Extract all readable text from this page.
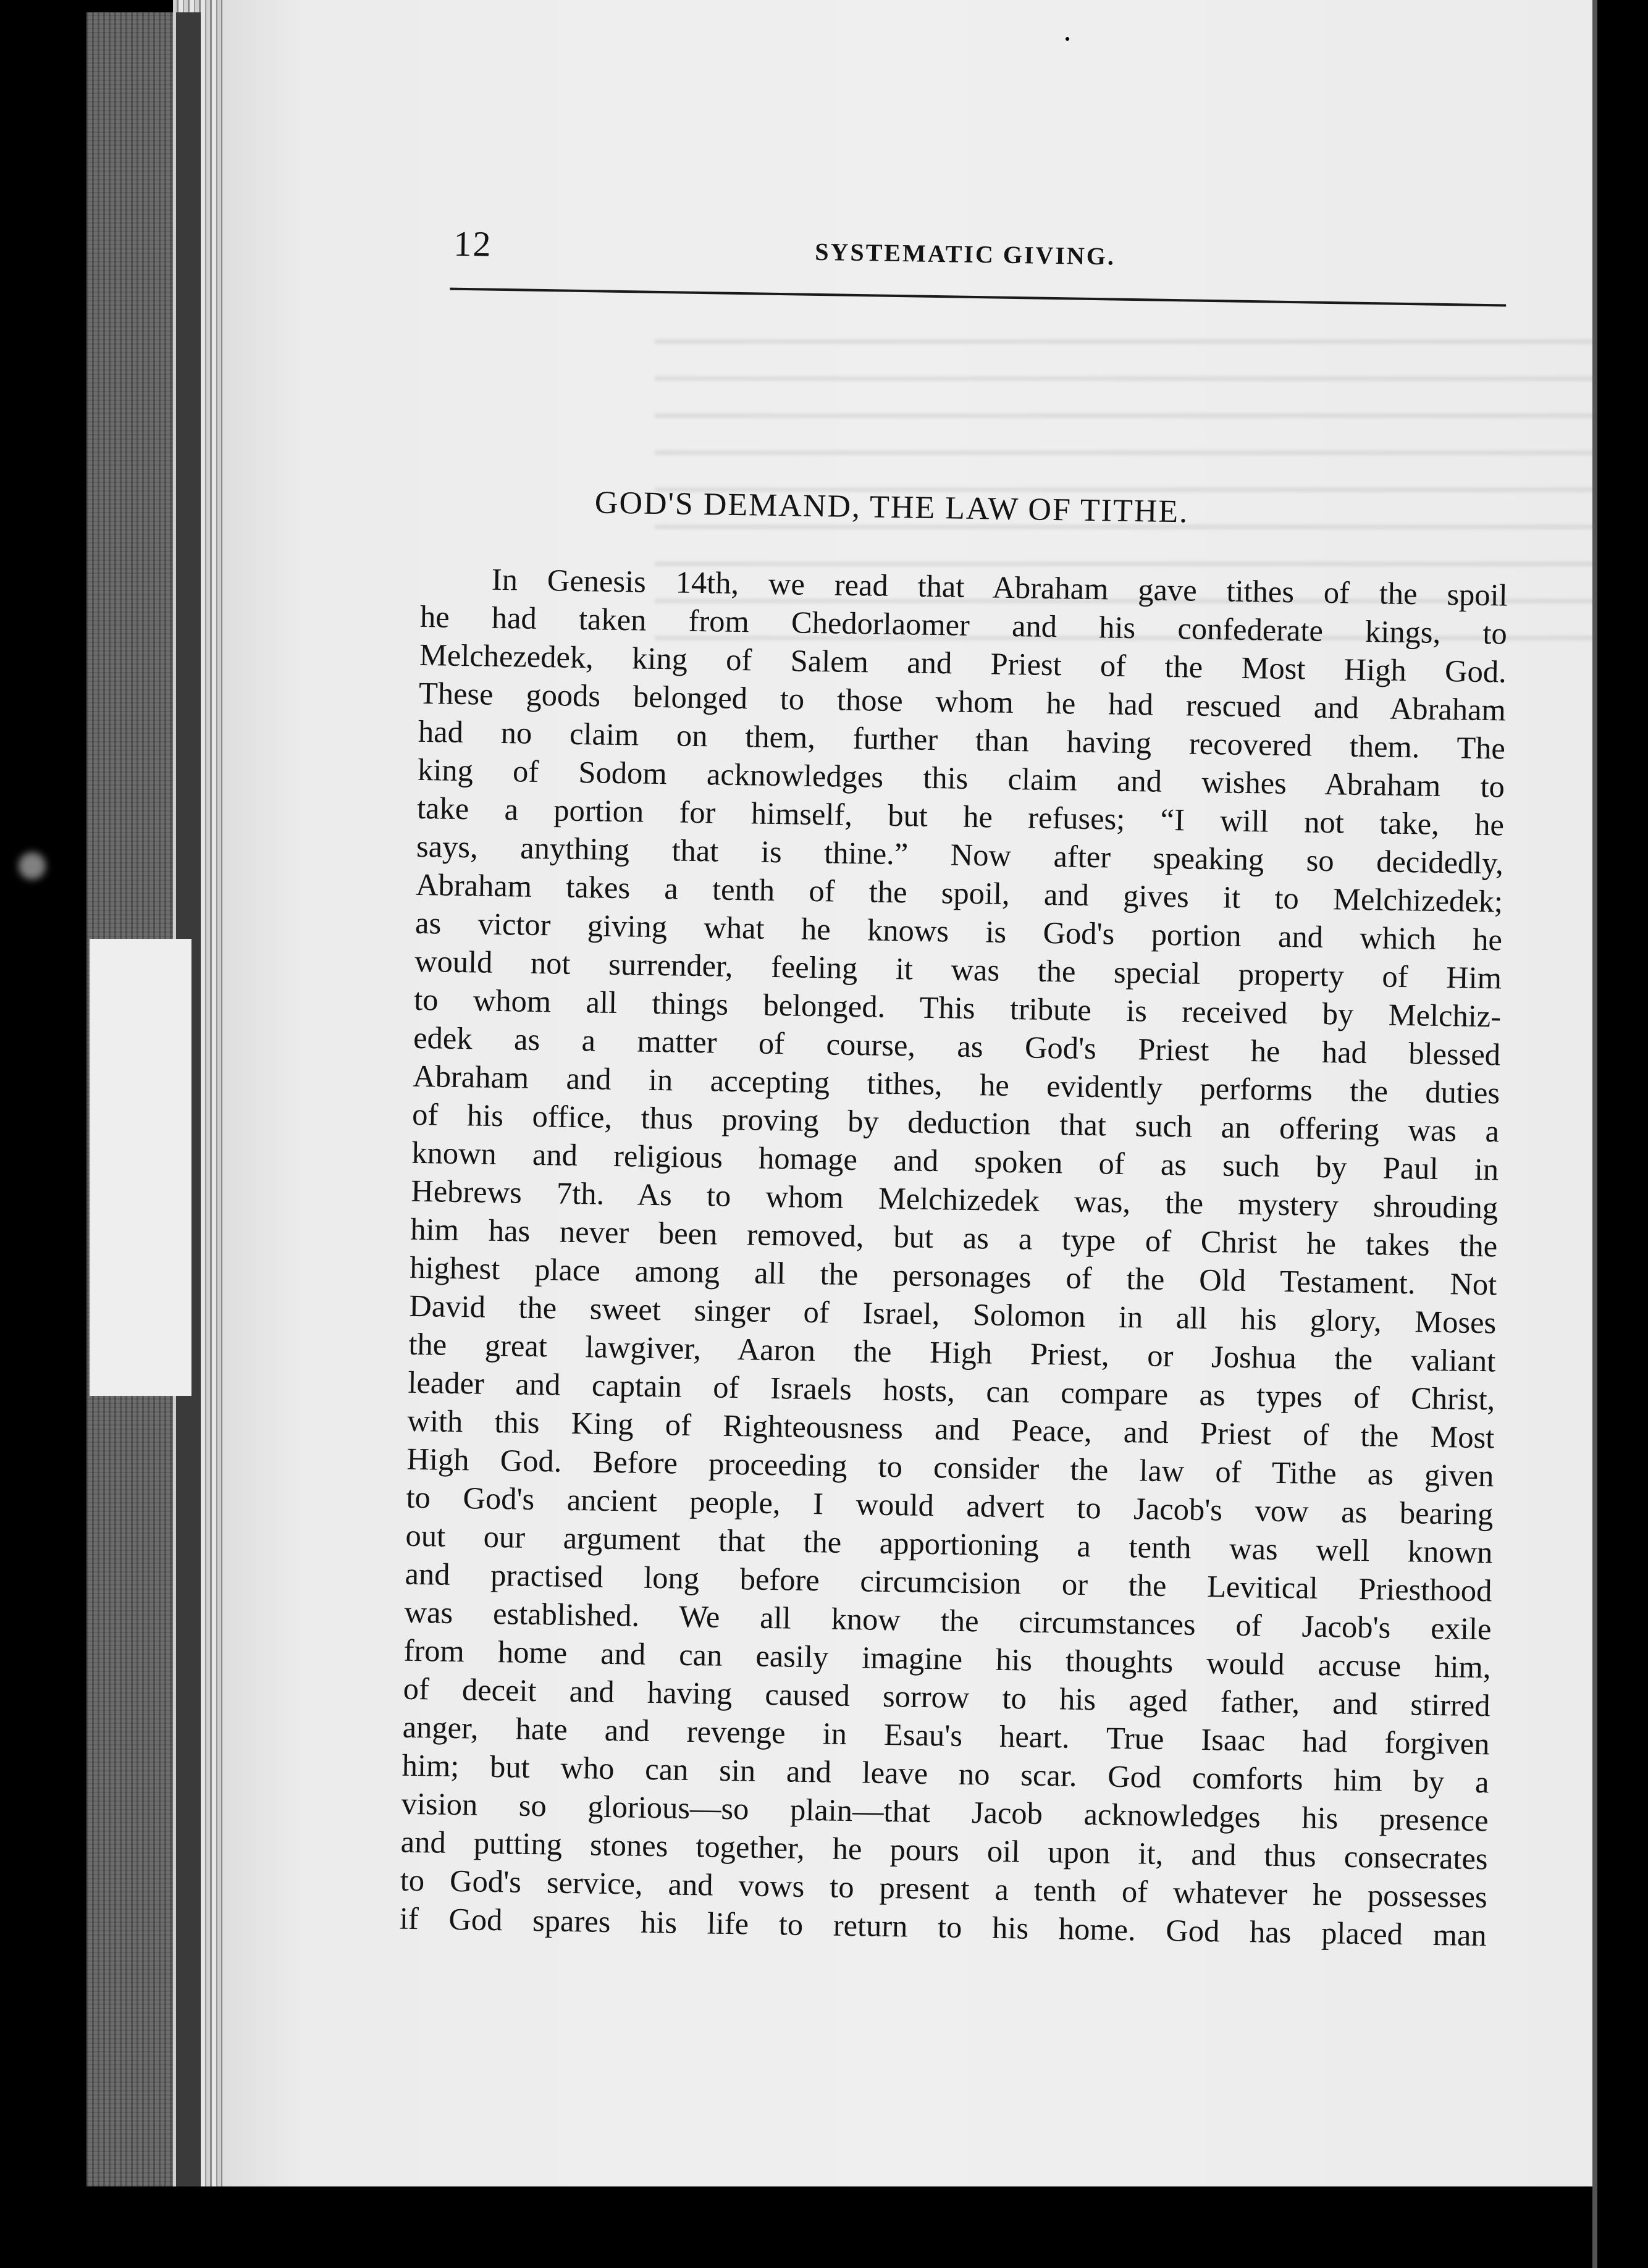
12	SYSTEMATIC GIVING.
GOD'S DEMAND, THE LAW OF TITHE.
In Genesis 14th, we read that Abraham gave tithes of the spoil
he had taken from Chedorlaomer and his confederate kings, to
Melchezedek, king of Salem and Priest of the Most High God.
These goods belonged to those whom he had rescued and Abraham
had no claim on them, further than having recovered them. The
king of Sodom acknowledges this claim and wishes Abraham to
take a portion for himself, but he refuses; “I will not take, he
says, anything that is thine.” Now after speaking so decidedly,
Abraham takes a tenth of the spoil, and gives it to Melchizedek;
as victor giving what he knows is God's portion and which he
would not surrender, feeling it was the special property of Him
to whom all things belonged. This tribute is received by Melchiz-
edek as a matter of course, as God's Priest he had blessed
Abraham and in accepting tithes, he evidently performs the duties
of his office, thus proving by deduction that such an offering was a
known and religious homage and spoken of as such by Paul in
Hebrews 7th. As to whom Melchizedek was, the mystery shrouding
him has never been removed, but as a type of Christ he takes the
highest place among all the personages of the Old Testament. Not
David the sweet singer of Israel, Solomon in all his glory, Moses
the great lawgiver, Aaron the High Priest, or Joshua the valiant
leader and captain of Israels hosts, can compare as types of Christ,
with this King of Righteousness and Peace, and Priest of the Most
High God. Before proceeding to consider the law of Tithe as given
to God's ancient people, I would advert to Jacob's vow as bearing
out our argument that the apportioning a tenth was well known
and practised long before circumcision or the Levitical Priesthood
was established. We all know the circumstances of Jacob's exile
from home and can easily imagine his thoughts would accuse him,
of deceit and having caused sorrow to his aged father, and stirred
anger, hate and revenge in Esau's heart. True Isaac had forgiven
him; but who can sin and leave no scar. God comforts him by a
vision so glorious—so plain—that Jacob acknowledges his presence
and putting stones together, he pours oil upon it, and thus consecrates
to God's service, and vows to present a tenth of whatever he possesses
if God spares his life to return to his home. God has placed man
